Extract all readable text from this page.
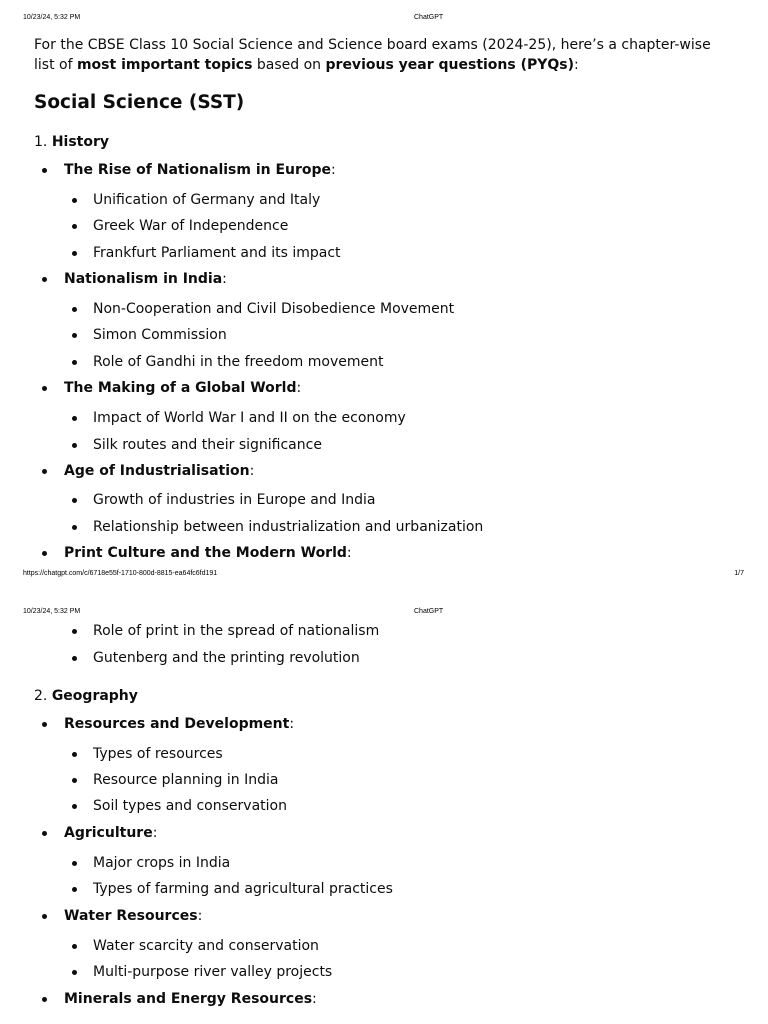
10/23/24, 5:32 PM	ChatGPT
For the CBSE Class 10 Social Science and Science board exams (2024-25), here’s a chapter-wise list of most important topics based on previous year questions (PYQs):
Social Science (SST)
1. History
The Rise of Nationalism in Europe:
Unification of Germany and Italy
Greek War of Independence
Frankfurt Parliament and its impact
Nationalism in India:
Non-Cooperation and Civil Disobedience Movement
Simon Commission
Role of Gandhi in the freedom movement
The Making of a Global World:
Impact of World War I and II on the economy
Silk routes and their significance
Age of Industrialisation:
Growth of industries in Europe and India
Relationship between industrialization and urbanization
Print Culture and the Modern World:
https://chatgpt.com/c/6718e55f-1710-800d-8815-ea64fc6fd191	1/7
10/23/24, 5:32 PM	ChatGPT
Role of print in the spread of nationalism
Gutenberg and the printing revolution
2. Geography
Resources and Development:
Types of resources
Resource planning in India
Soil types and conservation
Agriculture:
Major crops in India
Types of farming and agricultural practices
Water Resources:
Water scarcity and conservation
Multi-purpose river valley projects
Minerals and Energy Resources:
